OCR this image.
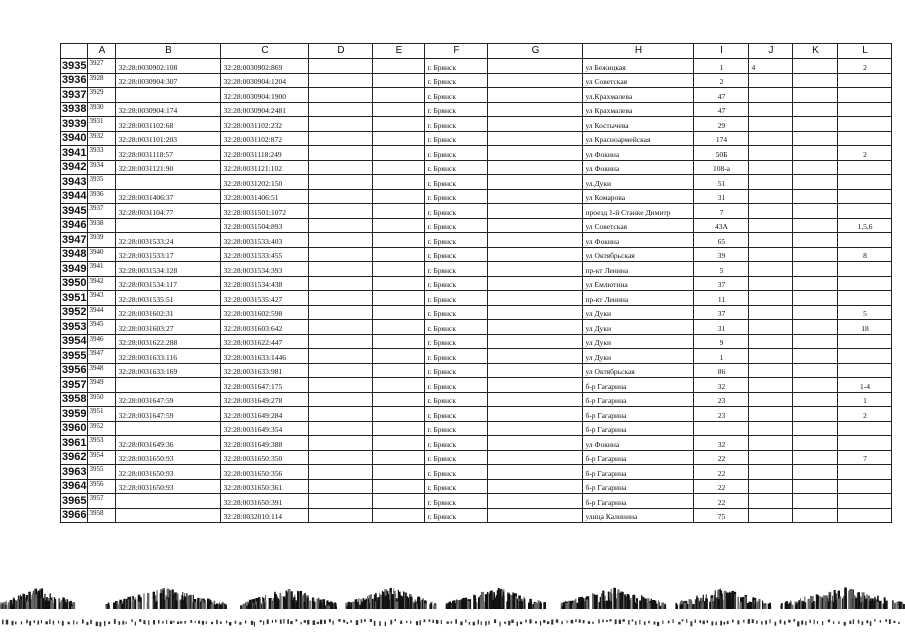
	A	B	C	D	E	F	G	H	I	J	K	L
3935	3927	32:28:0030902:108	32:28:0030902:869			г. Брянск		ул Бежицкая	1	4		2
3936	3928	32:28:0030904:307	32:28:0030904:1204			г. Брянск		ул Советская	2			
3937	3929		32:28:0030904:1900			г. Брянск		ул.Крахмалева	47			
3938	3930	32:28:0030904:174	32:28:0030904:2481			г. Брянск		ул Крахмалева	47			
3939	3931	32:28:0031102:68	32:28:0031102:232			г. Брянск		ул Костычева	29			
3940	3932	32:28:0031101:203	32:28:0031102:872			г. Брянск		ул Красноармейская	174			
3941	3933	32:28:0031118:57	32:28:0031118:249			г. Брянск		ул Фокина	50Б			2
3942	3934	32:28:0031121:90	32:28:0031121:102			г. Брянск		ул Фокина	108-а			
3943	3935		32:28:0031202:150			г. Брянск		ул.Дуки	51			
3944	3936	32:28:0031406:37	32:28:0031406:51			г. Брянск		ул Комарова	31			
3945	3937	32:28:0031104:77	32:28:0031501:1072			г. Брянск		проезд 1-й Станке Димитр	7			
3946	3938		32:28:0031504:893			г. Брянск		ул Советская	43А			1,5,6
3947	3939	32:28:0031533:24	32:28:0031533:403			г. Брянск		ул Фокина	65			
3948	3940	32:28:0031533:17	32:28:0031533:455			г. Брянск		ул Октябрьская	39			8
3949	3941	32:28:0031534:128	32:28:0031534:393			г. Брянск		пр-кт Ленина	5			
3950	3942	32:28:0031534:117	32:28:0031534:438			г. Брянск		ул Емлютина	37			
3951	3943	32:28:0031535:51	32:28:0031535:427			г. Брянск		пр-кт Ленина	11			
3952	3944	32:28:0031602:31	32:28:0031602:598			г. Брянск		ул Дуки	37			5
3953	3945	32:28:0031603:27	32:28:0031603:642			г. Брянск		ул Дуки	31			18
3954	3946	32:28:0031622:288	32:28:0031622:447			г. Брянск		ул Дуки	9			
3955	3947	32:28:0031633:116	32:28:0031633:1446			г. Брянск		ул Дуки	1			
3956	3948	32:28:0031633:169	32:28:0031633:981			г. Брянск		ул Октябрьская	86			
3957	3949		32:28:0031647:175			г. Брянск		б-р Гагарина	32			1-4
3958	3950	32:28:0031647:59	32:28:0031649:278			г. Брянск		б-р Гагарина	23			1
3959	3951	32:28:0031647:59	32:28:0031649:284			г. Брянск		б-р Гагарина	23			2
3960	3952		32:28:0031649:354			г. Брянск		б-р Гагарина				
3961	3953	32:28:0031649:36	32:28:0031649:388			г. Брянск		ул Фокина	32			
3962	3954	32:28:0031650:93	32:28:0031650:350			г. Брянск		б-р Гагарина	22			7
3963	3955	32:28:0031650:93	32:28:0031650:356			г. Брянск		б-р Гагарина	22			
3964	3956	32:28:0031650:93	32:28:0031650:361			г. Брянск		б-р Гагарина	22			
3965	3957		32:28:0031650:391			г. Брянск		б-р Гагарина	22			
3966	3958		32:28:0032010:114			г. Брянск		улица Калинина	75			
